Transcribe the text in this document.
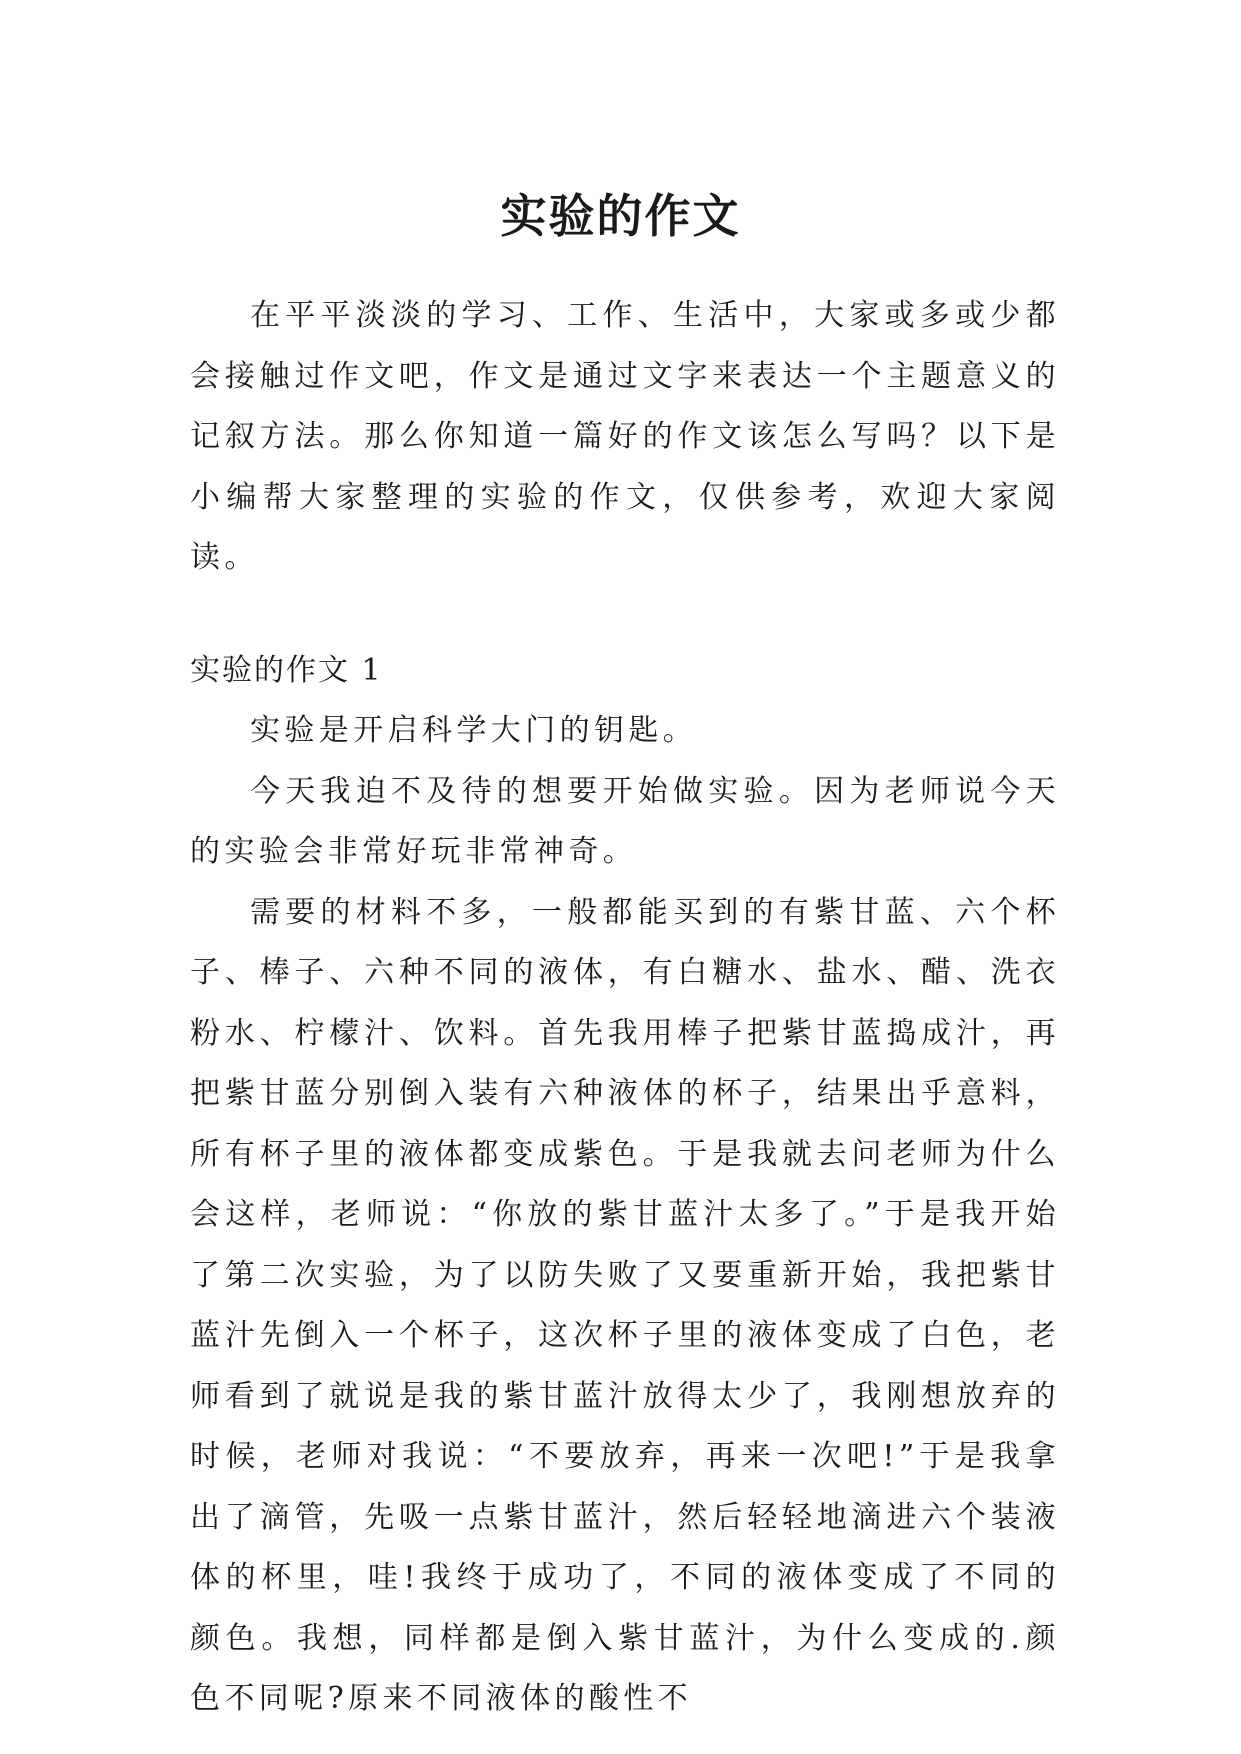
实验的作文

在平平淡淡的学习、工作、生活中，大家或多或少都会接触过作文吧，作文是通过文字来表达一个主题意义的记叙方法。那么你知道一篇好的作文该怎么写吗？以下是小编帮大家整理的实验的作文，仅供参考，欢迎大家阅读。

实验的作文 1

实验是开启科学大门的钥匙。

今天我迫不及待的想要开始做实验。因为老师说今天的实验会非常好玩非常神奇。

需要的材料不多，一般都能买到的有紫甘蓝、六个杯子、棒子、六种不同的液体，有白糖水、盐水、醋、洗衣粉水、柠檬汁、饮料。首先我用棒子把紫甘蓝捣成汁，再把紫甘蓝分别倒入装有六种液体的杯子，结果出乎意料，所有杯子里的液体都变成紫色。于是我就去问老师为什么会这样，老师说：“你放的紫甘蓝汁太多了。”于是我开始了第二次实验，为了以防失败了又要重新开始，我把紫甘蓝汁先倒入一个杯子，这次杯子里的液体变成了白色，老师看到了就说是我的紫甘蓝汁放得太少了，我刚想放弃的时候，老师对我说：“不要放弃，再来一次吧!”于是我拿出了滴管，先吸一点紫甘蓝汁，然后轻轻地滴进六个装液体的杯里，哇!我终于成功了，不同的液体变成了不同的颜色。我想，同样都是倒入紫甘蓝汁，为什么变成的.颜色不同呢?原来不同液体的酸性不
